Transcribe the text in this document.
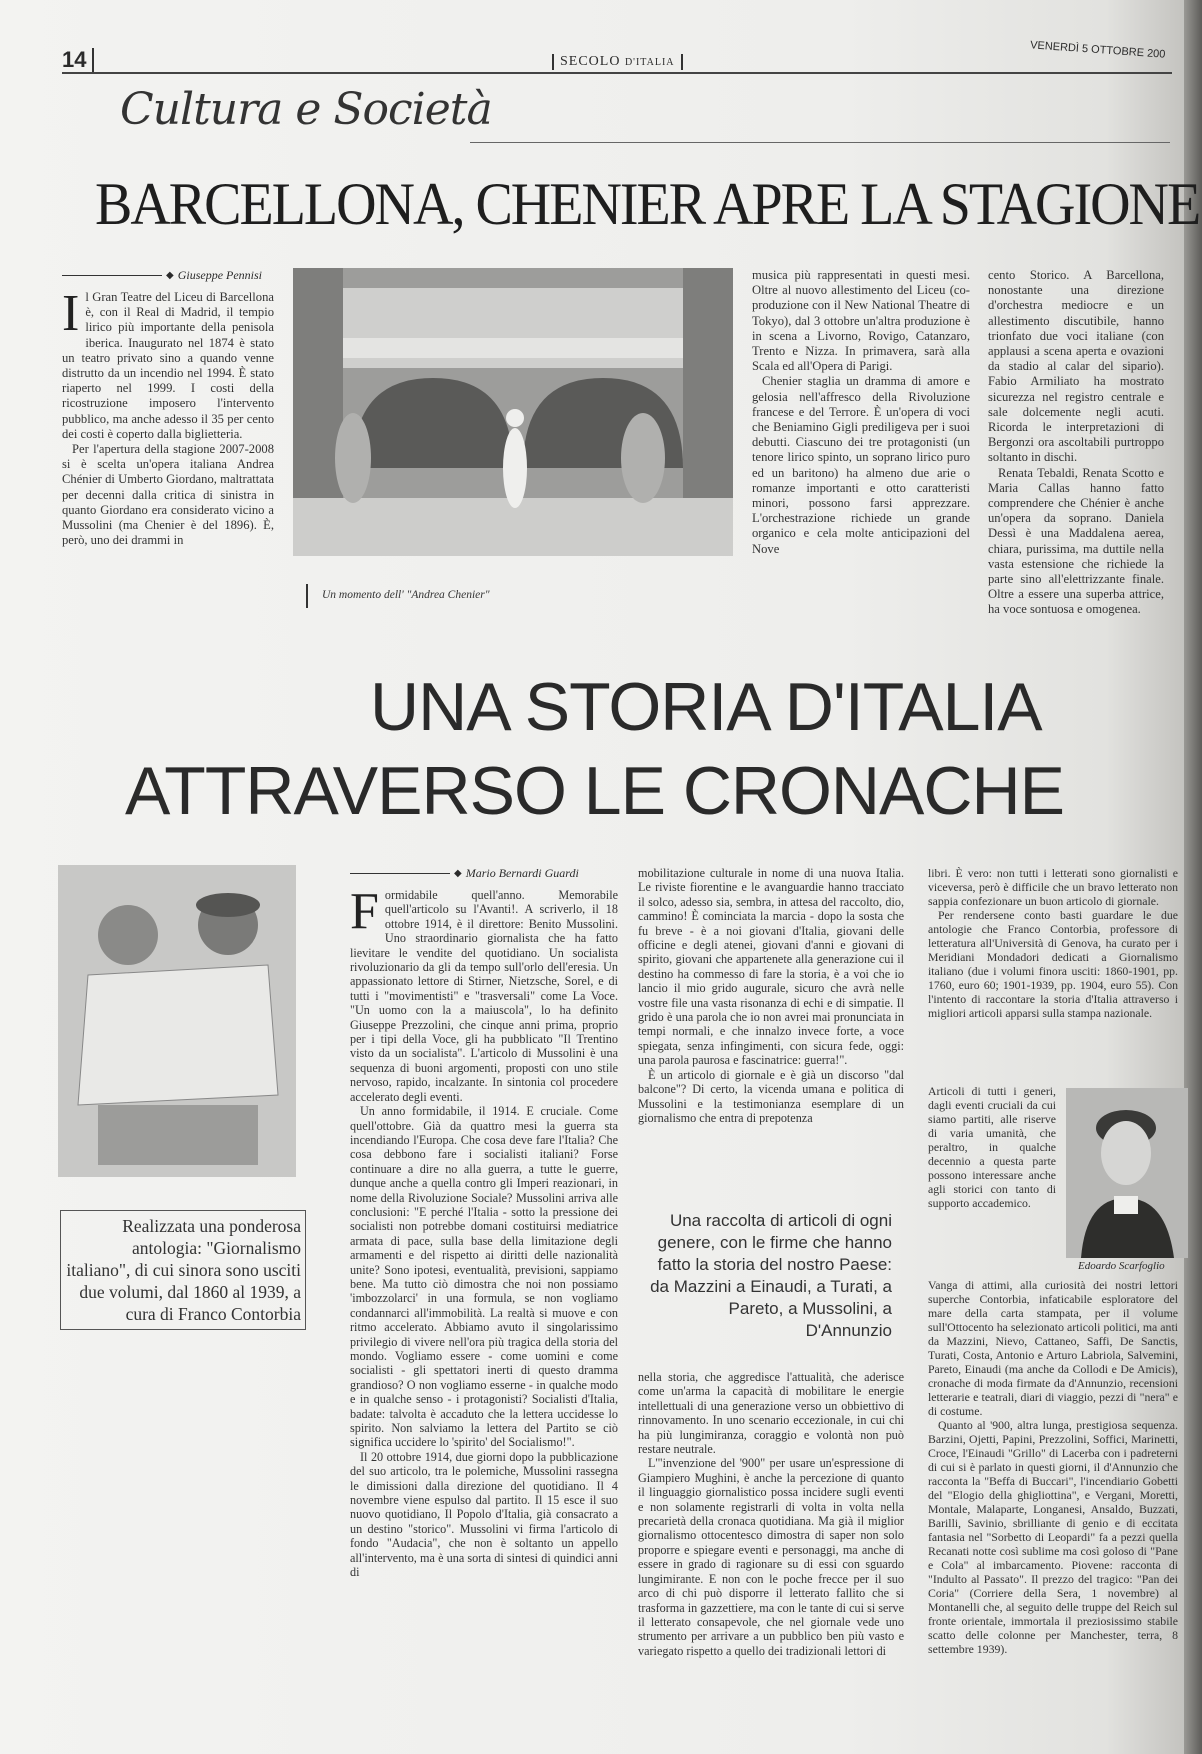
14	SECOLO D'ITALIA
VENERDÌ 5 OTTOBRE 200
Cultura e Società
BARCELLONA, CHENIER APRE LA STAGIONE
◆ Giuseppe Pennisi
Il Gran Teatre del Liceu di Barcellona è, con il Real di Madrid, il tempio lirico più importante della penisola iberica. Inaugurato nel 1874 è stato un teatro privato sino a quando venne distrutto da un incendio nel 1994. È stato riaperto nel 1999. I costi della ricostruzione imposero l'intervento pubblico, ma anche adesso il 35 per cento dei costi è coperto dalla biglietteria.
Per l'apertura della stagione 2007-2008 si è scelta un'opera italiana Andrea Chénier di Umberto Giordano, maltrattata per decenni dalla critica di sinistra in quanto Giordano era considerato vicino a Mussolini (ma Chenier è del 1896). È, però, uno dei drammi in
Un momento dell' "Andrea Chenier"
musica più rappresentati in questi mesi. Oltre al nuovo allestimento del Liceu (co-produzione con il New National Theatre di Tokyo), dal 3 ottobre un'altra produzione è in scena a Livorno, Rovigo, Catanzaro, Trento e Nizza. In primavera, sarà alla Scala ed all'Opera di Parigi.
Chenier staglia un dramma di amore e gelosia nell'affresco della Rivoluzione francese e del Terrore. È un'opera di voci che Beniamino Gigli prediligeva per i suoi debutti. Ciascuno dei tre protagonisti (un tenore lirico spinto, un soprano lirico puro ed un baritono) ha almeno due arie o romanze importanti e otto caratteristi minori, possono farsi apprezzare. L'orchestrazione richiede un grande organico e cela molte anticipazioni del Nove
cento Storico. A Barcellona, nonostante una direzione d'orchestra mediocre e un allestimento discutibile, hanno trionfato due voci italiane (con applausi a scena aperta e ovazioni da stadio al calar del sipario). Fabio Armiliato ha mostrato sicurezza nel registro centrale e sale dolcemente negli acuti. Ricorda le interpretazioni di Bergonzi ora ascoltabili purtroppo soltanto in dischi.
Renata Tebaldi, Renata Scotto e Maria Callas hanno fatto comprendere che Chénier è anche un'opera da soprano. Daniela Dessì è una Maddalena aerea, chiara, purissima, ma duttile nella vasta estensione che richiede la parte sino all'elettrizzante finale. Oltre a essere una superba attrice, ha voce sontuosa e omogenea.
UNA STORIA D'ITALIA
ATTRAVERSO LE CRONACHE
Realizzata una ponderosa antologia: "Giornalismo italiano", di cui sinora sono usciti due volumi, dal 1860 al 1939, a cura di Franco Contorbia
◆ Mario Bernardi Guardi
Formidabile quell'anno. Memorabile quell'articolo su l'Avanti!. A scriverlo, il 18 ottobre 1914, è il direttore: Benito Mussolini. Uno straordinario giornalista che ha fatto lievitare le vendite del quotidiano. Un socialista rivoluzionario da gli da tempo sull'orlo dell'eresia. Un appassionato lettore di Stirner, Nietzsche, Sorel, e di tutti i "movimentisti" e "trasversali" come La Voce. "Un uomo con la a maiuscola", lo ha definito Giuseppe Prezzolini, che cinque anni prima, proprio per i tipi della Voce, gli ha pubblicato "Il Trentino visto da un socialista". L'articolo di Mussolini è una sequenza di buoni argomenti, proposti con uno stile nervoso, rapido, incalzante. In sintonia col procedere accelerato degli eventi.
Un anno formidabile, il 1914. E cruciale. Come quell'ottobre. Già da quattro mesi la guerra sta incendiando l'Europa. Che cosa deve fare l'Italia? Che cosa debbono fare i socialisti italiani? Forse continuare a dire no alla guerra, a tutte le guerre, dunque anche a quella contro gli Imperi reazionari, in nome della Rivoluzione Sociale? Mussolini arriva alle conclusioni: "E perché l'Italia - sotto la pressione dei socialisti non potrebbe domani costituirsi mediatrice armata di pace, sulla base della limitazione degli armamenti e del rispetto ai diritti delle nazionalità unite? Sono ipotesi, eventualità, previsioni, sappiamo bene. Ma tutto ciò dimostra che noi non possiamo 'imbozzolarci' in una formula, se non vogliamo condannarci all'immobilità. La realtà si muove e con ritmo accelerato. Abbiamo avuto il singolarissimo privilegio di vivere nell'ora più tragica della storia del mondo. Vogliamo essere - come uomini e come socialisti - gli spettatori inerti di questo dramma grandioso? O non vogliamo esserne - in qualche modo e in qualche senso - i protagonisti? Socialisti d'Italia, badate: talvolta è accaduto che la lettera uccidesse lo spirito. Non salviamo la lettera del Partito se ciò significa uccidere lo 'spirito' del Socialismo!".
Il 20 ottobre 1914, due giorni dopo la pubblicazione del suo articolo, tra le polemiche, Mussolini rassegna le dimissioni dalla direzione del quotidiano. Il 4 novembre viene espulso dal partito. Il 15 esce il suo nuovo quotidiano, Il Popolo d'Italia, già consacrato a un destino "storico". Mussolini vi firma l'articolo di fondo "Audacia", che non è soltanto un appello all'intervento, ma è una sorta di sintesi di quindici anni di
mobilitazione culturale in nome di una nuova Italia. Le riviste fiorentine e le avanguardie hanno tracciato il solco, adesso sia, sembra, in attesa del raccolto, dio, cammino! È cominciata la marcia - dopo la sosta che fu breve - è a noi giovani d'Italia, giovani delle officine e degli atenei, giovani d'anni e giovani di spirito, giovani che appartenete alla generazione cui il destino ha commesso di fare la storia, è a voi che io lancio il mio grido augurale, sicuro che avrà nelle vostre file una vasta risonanza di echi e di simpatie. Il grido è una parola che io non avrei mai pronunciata in tempi normali, e che innalzo invece forte, a voce spiegata, senza infingimenti, con sicura fede, oggi: una parola paurosa e fascinatrice: guerra!".
È un articolo di giornale e è già un discorso "dal balcone"? Di certo, la vicenda umana e politica di Mussolini e la testimonianza esemplare di un giornalismo che entra di prepotenza
Una raccolta di articoli di ogni genere, con le firme che hanno fatto la storia del nostro Paese: da Mazzini a Einaudi, a Turati, a Pareto, a Mussolini, a D'Annunzio
nella storia, che aggredisce l'attualità, che aderisce come un'arma la capacità di mobilitare le energie intellettuali di una generazione verso un obbiettivo di rinnovamento. In uno scenario eccezionale, in cui chi ha più lungimiranza, coraggio e volontà non può restare neutrale.
L'"invenzione del '900" per usare un'espressione di Giampiero Mughini, è anche la percezione di quanto il linguaggio giornalistico possa incidere sugli eventi e non solamente registrarli di volta in volta nella precarietà della cronaca quotidiana. Ma già il miglior giornalismo ottocentesco dimostra di saper non solo proporre e spiegare eventi e personaggi, ma anche di essere in grado di ragionare su di essi con sguardo lungimirante. E non con le poche frecce per il suo arco di chi può disporre il letterato fallito che si trasforma in gazzettiere, ma con le tante di cui si serve il letterato consapevole, che nel giornale vede uno strumento per arrivare a un pubblico ben più vasto e variegato rispetto a quello dei tradizionali lettori di
libri. È vero: non tutti i letterati sono giornalisti e viceversa, però è difficile che un bravo letterato non sappia confezionare un buon articolo di giornale.
Per rendersene conto basti guardare le due antologie che Franco Contorbia, professore di letteratura all'Università di Genova, ha curato per i Meridiani Mondadori dedicati a Giornalismo italiano (due i volumi finora usciti: 1860-1901, pp. 1760, euro 60; 1901-1939, pp. 1904, euro 55). Con l'intento di raccontare la storia d'Italia attraverso i migliori articoli apparsi sulla stampa nazionale.
Articoli di tutti i generi, dagli eventi cruciali da cui siamo partiti, alle riserve di varia umanità, che peraltro, in qualche decennio a questa parte possono interessare anche agli storici con tanto di supporto accademico.
Edoardo Scarfoglio
Vanga di attimi, alla curiosità dei nostri lettori superche Contorbia, infaticabile esploratore del mare della carta stampata, per il volume sull'Ottocento ha selezionato articoli politici, ma anti da Mazzini, Nievo, Cattaneo, Saffi, De Sanctis, Turati, Costa, Antonio e Arturo Labriola, Salvemini, Pareto, Einaudi (ma anche da Collodi e De Amicis), cronache di moda firmate da d'Annunzio, recensioni letterarie e teatrali, diari di viaggio, pezzi di "nera" e di costume.
Quanto al '900, altra lunga, prestigiosa sequenza. Barzini, Ojetti, Papini, Prezzolini, Soffici, Marinetti, Croce, l'Einaudi "Grillo" di Lacerba con i padreterni di cui si è parlato in questi giorni, il d'Annunzio che racconta la "Beffa di Buccari", l'incendiario Gobetti del "Elogio della ghigliottina", e Vergani, Moretti, Montale, Malaparte, Longanesi, Ansaldo, Buzzati, Barilli, Savinio, sbrilliante di genio e di eccitata fantasia nel "Sorbetto di Leopardi" fa a pezzi quella Recanati notte così sublime ma così goloso di "Pane e Cola" al imbarcamento. Piovene: racconta di "Indulto al Passato". Il prezzo del tragico: "Pan dei Coria" (Corriere della Sera, 1 novembre) al Montanelli che, al seguito delle truppe del Reich sul fronte orientale, immortala il preziosissimo stabile scatto delle colonne per Manchester, terra, 8 settembre 1939).
